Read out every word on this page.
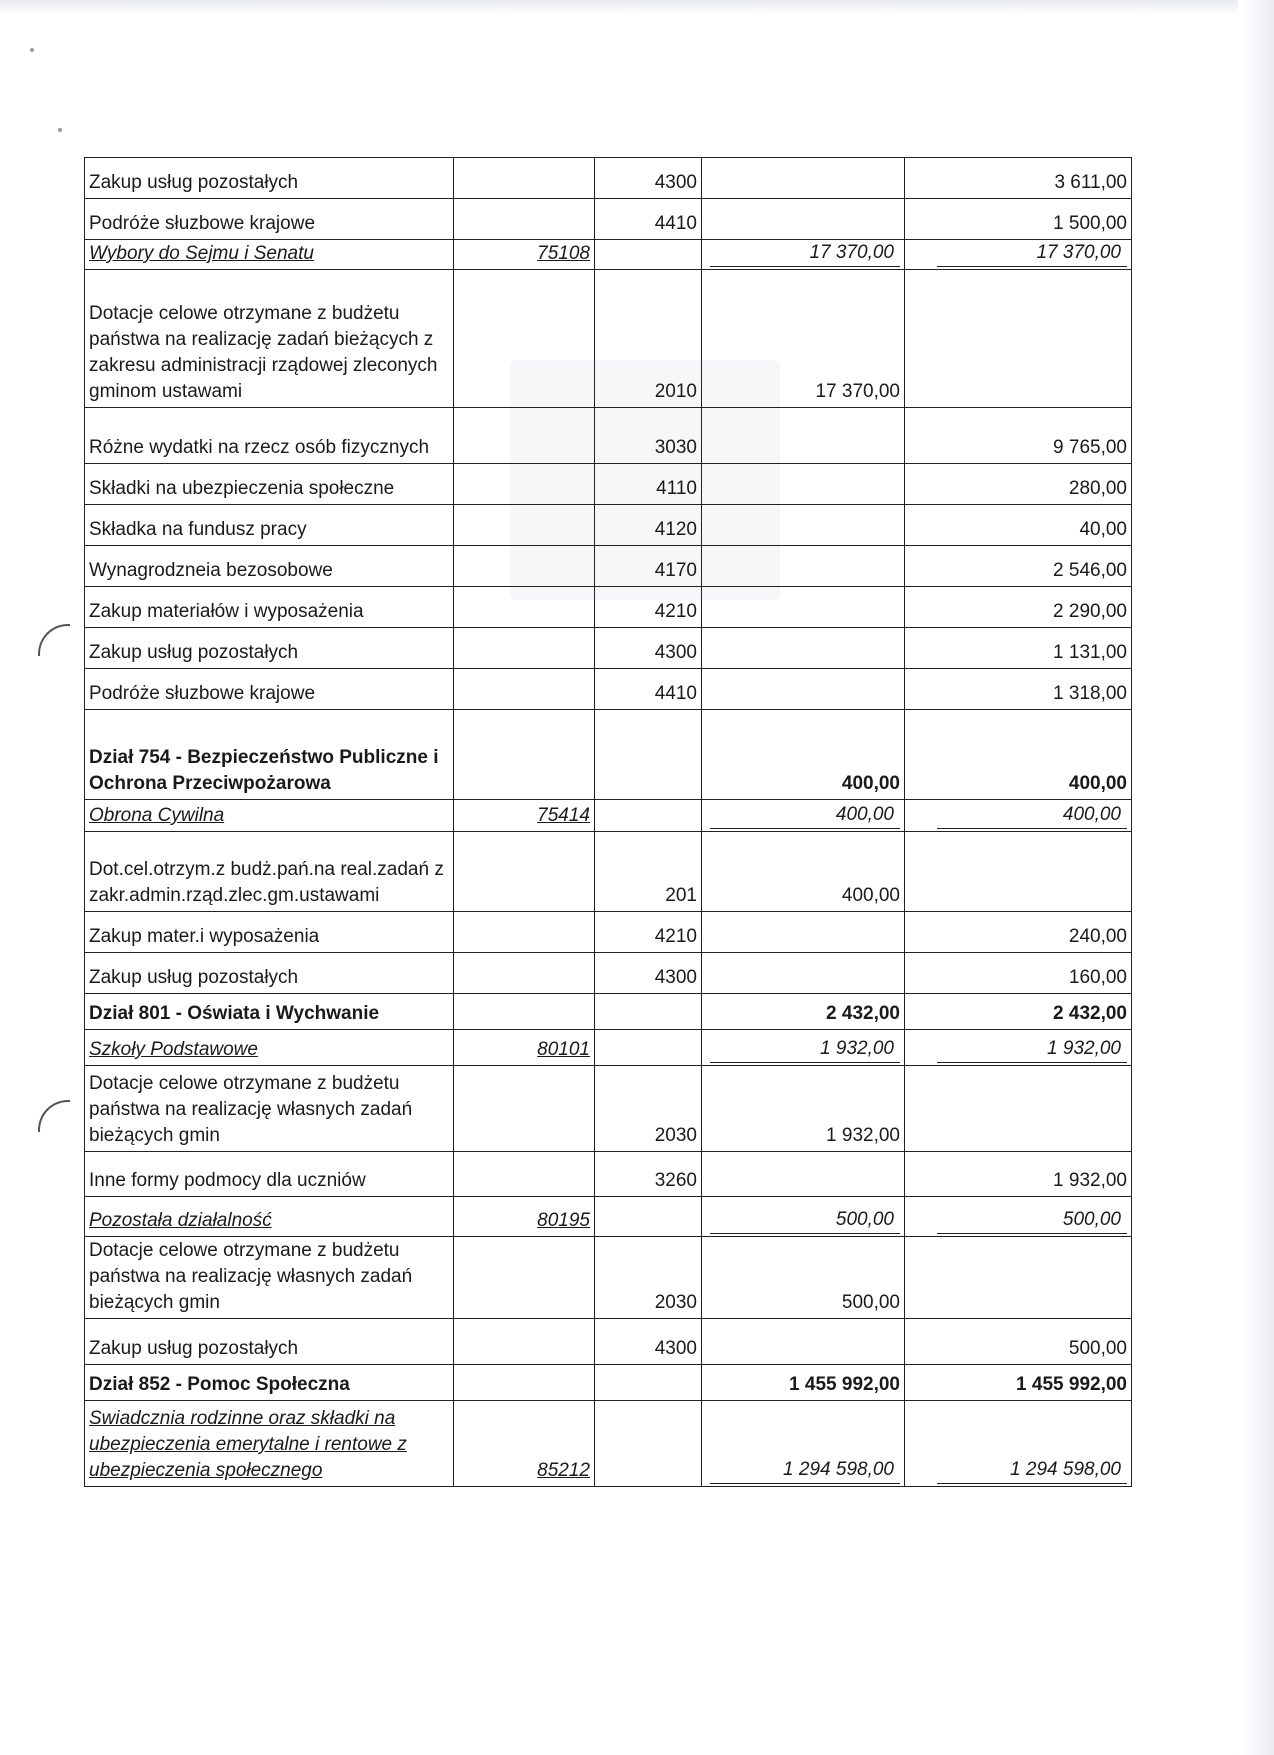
Zakup usług pozostałych		4300		3 611,00
Podróże słuzbowe krajowe		4410		1 500,00
Wybory do Sejmu i Senatu	75108		17 370,00	17 370,00
Dotacje celowe otrzymane z budżetu państwa na realizację zadań bieżących z zakresu administracji rządowej zleconych gminom ustawami		2010	17 370,00	
Różne wydatki na rzecz osób fizycznych		3030		9 765,00
Składki na ubezpieczenia społeczne		4110		280,00
Składka na fundusz pracy		4120		40,00
Wynagrodzneia bezosobowe		4170		2 546,00
Zakup materiałów i wyposażenia		4210		2 290,00
Zakup usług pozostałych		4300		1 131,00
Podróże słuzbowe krajowe		4410		1 318,00
Dział 754 - Bezpieczeństwo Publiczne i Ochrona Przeciwpożarowa			400,00	400,00
Obrona Cywilna	75414		400,00	400,00
Dot.cel.otrzym.z budż.pań.na real.zadań z zakr.admin.rząd.zlec.gm.ustawami		201	400,00	
Zakup mater.i wyposażenia		4210		240,00
Zakup usług pozostałych		4300		160,00
Dział 801 - Oświata i Wychwanie			2 432,00	2 432,00
Szkoły Podstawowe	80101		1 932,00	1 932,00
Dotacje celowe otrzymane z budżetu państwa na realizację własnych zadań bieżących gmin		2030	1 932,00	
Inne formy podmocy dla uczniów		3260		1 932,00
Pozostała działalność	80195		500,00	500,00
Dotacje celowe otrzymane z budżetu państwa na realizację własnych zadań bieżących gmin		2030	500,00	
Zakup usług pozostałych		4300		500,00
Dział 852 - Pomoc Społeczna			1 455 992,00	1 455 992,00
Swiadcznia rodzinne oraz składki na ubezpieczenia emerytalne i rentowe z ubezpieczenia społecznego	85212		1 294 598,00	1 294 598,00
